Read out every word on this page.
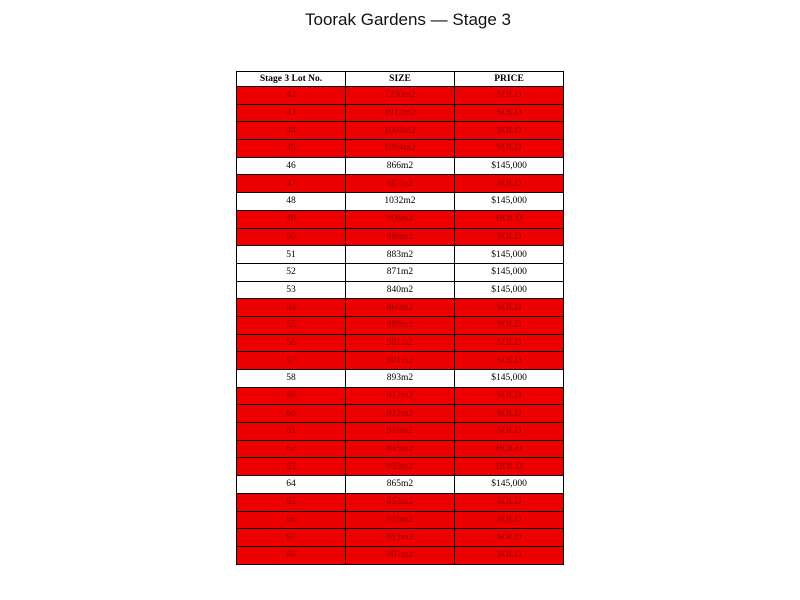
Toorak Gardens — Stage 3
Stage 3 Lot No.	SIZE	PRICE
42	1230m2	SOLD
43	1012m2	SOLD
44	1004m2	SOLD
45	1004m2	SOLD
46	866m2	$145,000
47	887m2	SOLD
48	1032m2	$145,000
49	906m2	HOLD
50	886m2	SOLD
51	883m2	$145,000
52	871m2	$145,000
53	840m2	$145,000
54	860m2	SOLD
55	889m2	SOLD
56	981m2	SOLD
57	901m2	SOLD
58	893m2	$145,000
59	912m2	SOLD
60	912m2	SOLD
61	910m2	SOLD
62	845m2	HOLD
63	935m2	HOLD
64	865m2	$145,000
65	853m2	SOLD
66	910m2	SOLD
67	912m2	SOLD
68	907m2	SOLD
